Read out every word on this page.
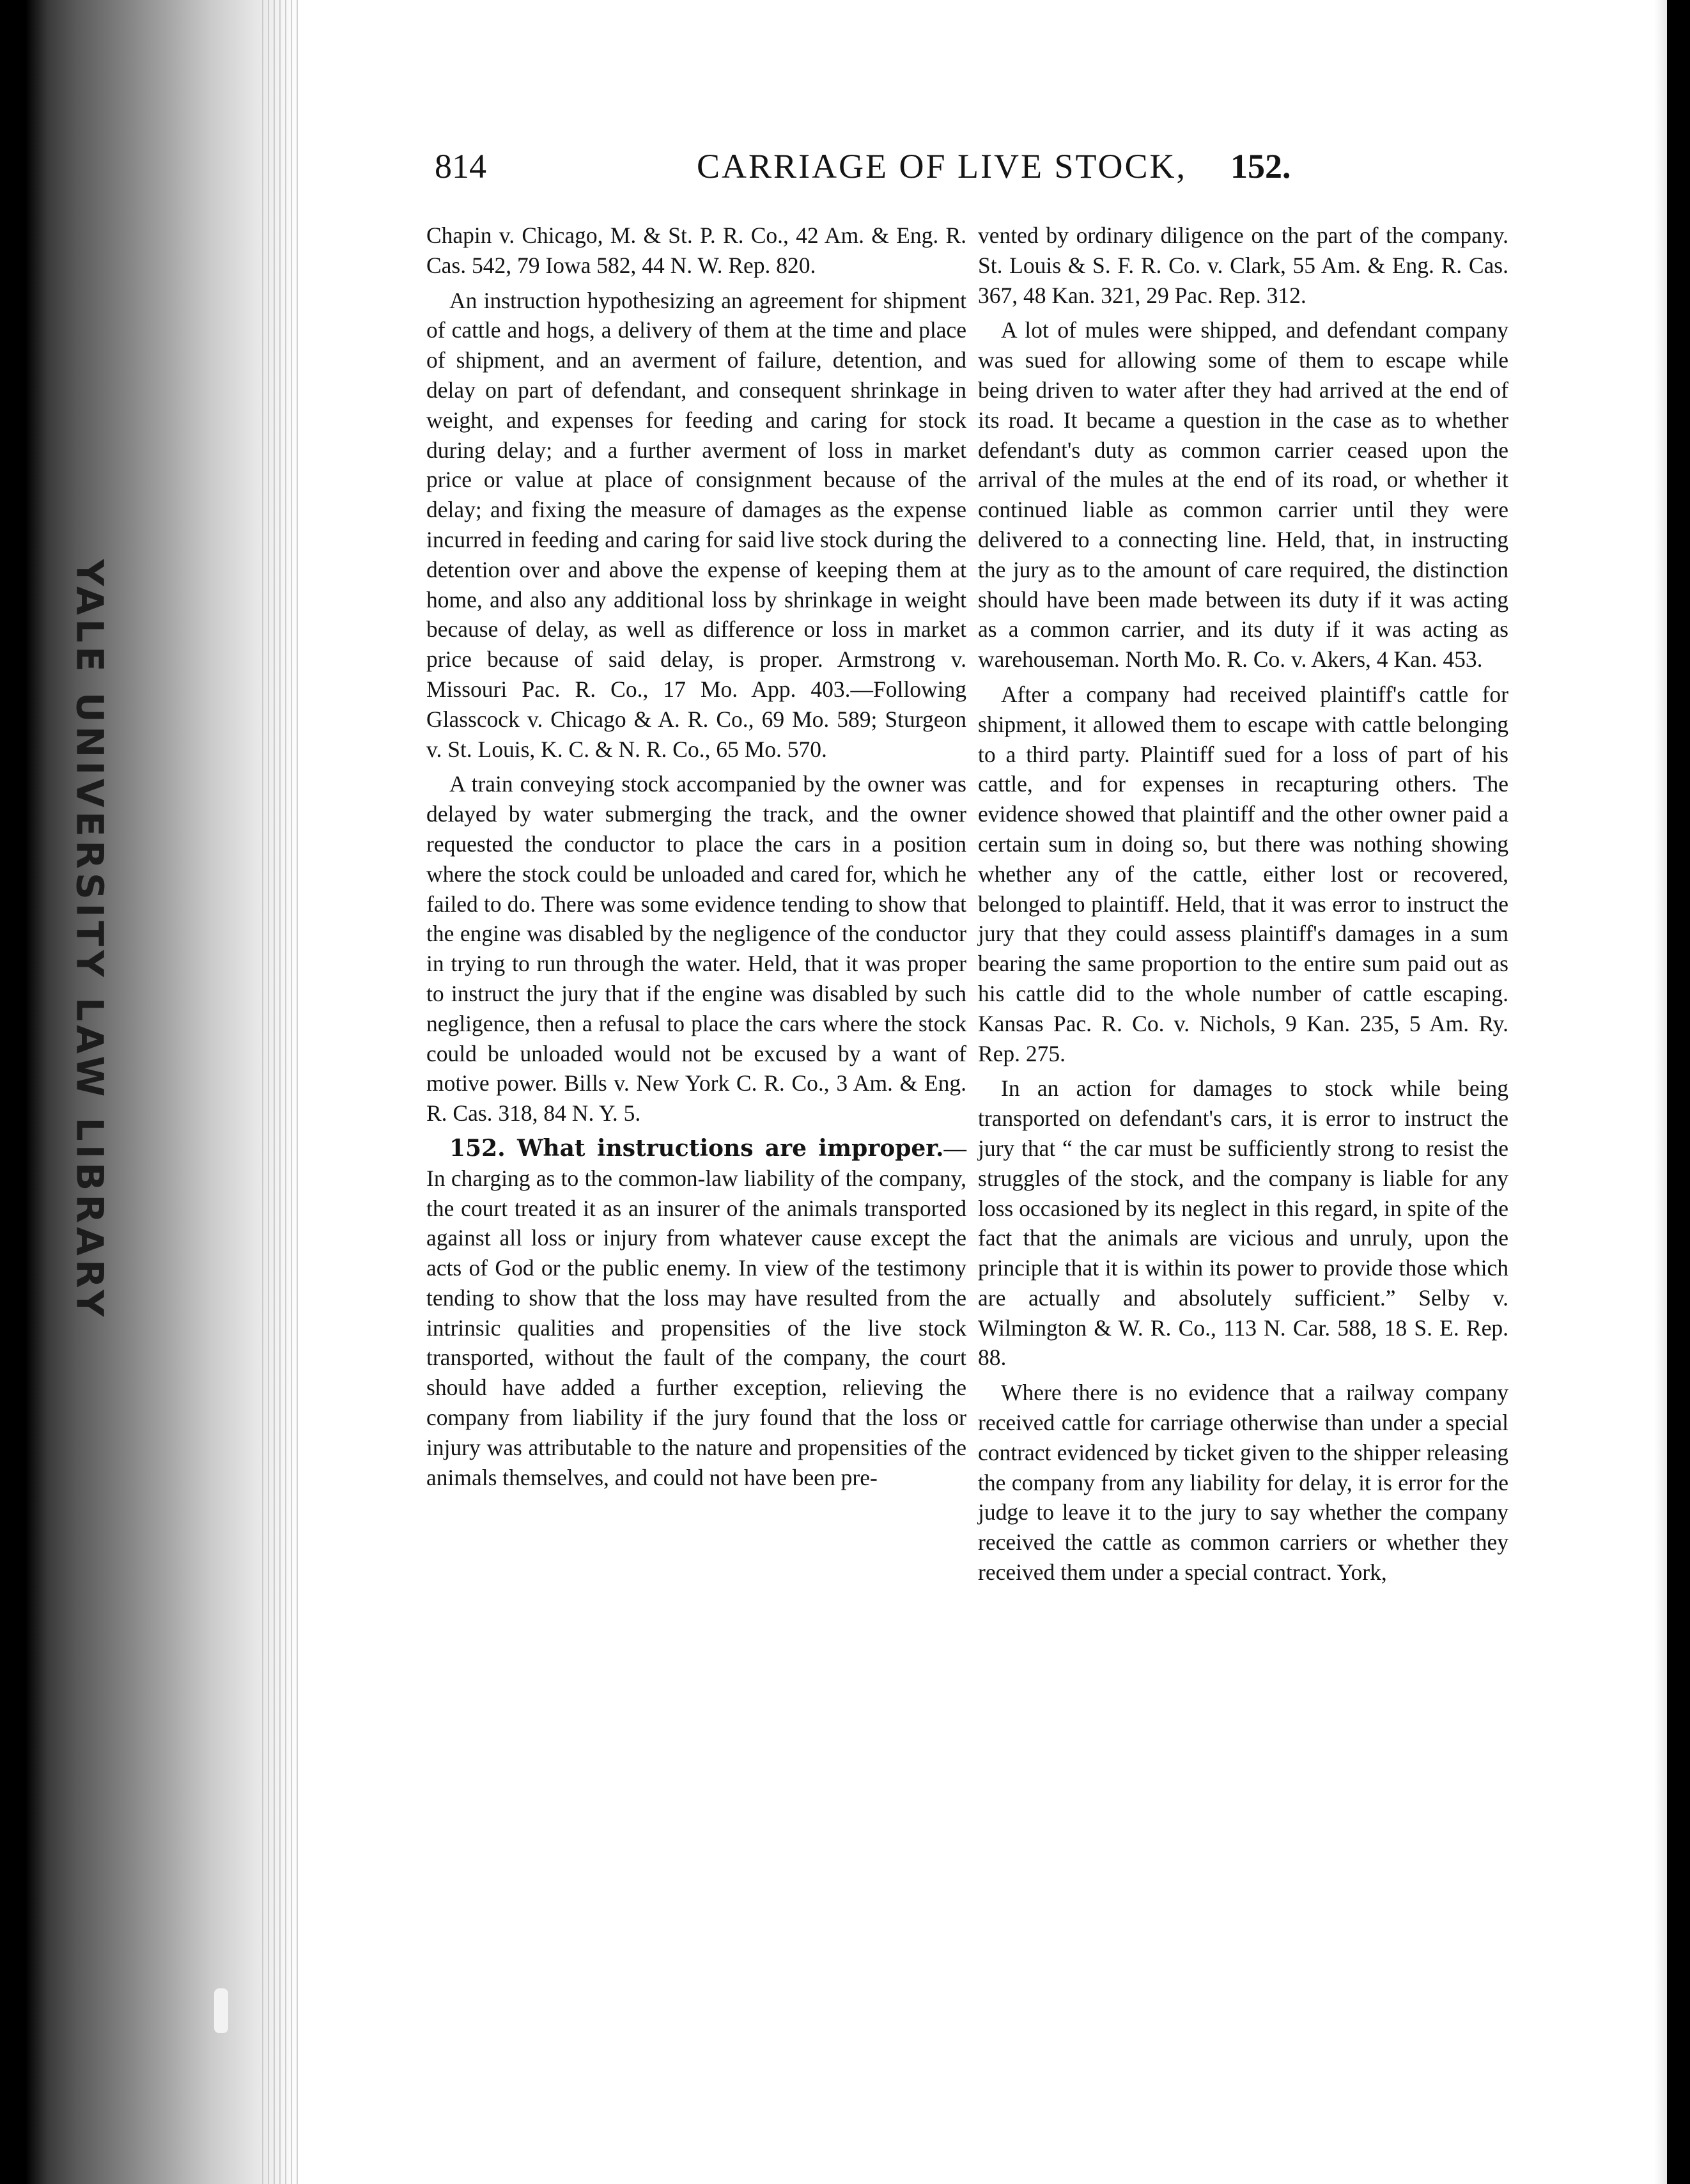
YALE UNIVERSITY LAW LIBRARY
814	CARRIAGE OF LIVE STOCK, 152.

Chapin v. Chicago, M. & St. P. R. Co., 42 Am. & Eng. R. Cas. 542, 79 Iowa 582, 44 N. W. Rep. 820.

An instruction hypothesizing an agreement for shipment of cattle and hogs, a delivery of them at the time and place of shipment, and an averment of failure, detention, and delay on part of defendant, and consequent shrinkage in weight, and expenses for feeding and caring for stock during delay; and a further averment of loss in market price or value at place of consignment because of the delay; and fixing the measure of damages as the expense incurred in feeding and caring for said live stock during the detention over and above the expense of keeping them at home, and also any additional loss by shrinkage in weight because of delay, as well as difference or loss in market price because of said delay, is proper. Armstrong v. Missouri Pac. R. Co., 17 Mo. App. 403.—Following Glasscock v. Chicago & A. R. Co., 69 Mo. 589; Sturgeon v. St. Louis, K. C. & N. R. Co., 65 Mo. 570.

A train conveying stock accompanied by the owner was delayed by water submerging the track, and the owner requested the conductor to place the cars in a position where the stock could be unloaded and cared for, which he failed to do. There was some evidence tending to show that the engine was disabled by the negligence of the conductor in trying to run through the water. Held, that it was proper to instruct the jury that if the engine was disabled by such negligence, then a refusal to place the cars where the stock could be unloaded would not be excused by a want of motive power. Bills v. New York C. R. Co., 3 Am. & Eng. R. Cas. 318, 84 N. Y. 5.

152. What instructions are improper.—In charging as to the common-law liability of the company, the court treated it as an insurer of the animals transported against all loss or injury from whatever cause except the acts of God or the public enemy. In view of the testimony tending to show that the loss may have resulted from the intrinsic qualities and propensities of the live stock transported, without the fault of the company, the court should have added a further exception, relieving the company from liability if the jury found that the loss or injury was attributable to the nature and propensities of the animals themselves, and could not have been pre-

vented by ordinary diligence on the part of the company. St. Louis & S. F. R. Co. v. Clark, 55 Am. & Eng. R. Cas. 367, 48 Kan. 321, 29 Pac. Rep. 312.

A lot of mules were shipped, and defendant company was sued for allowing some of them to escape while being driven to water after they had arrived at the end of its road. It became a question in the case as to whether defendant's duty as common carrier ceased upon the arrival of the mules at the end of its road, or whether it continued liable as common carrier until they were delivered to a connecting line. Held, that, in instructing the jury as to the amount of care required, the distinction should have been made between its duty if it was acting as a common carrier, and its duty if it was acting as warehouseman. North Mo. R. Co. v. Akers, 4 Kan. 453.

After a company had received plaintiff's cattle for shipment, it allowed them to escape with cattle belonging to a third party. Plaintiff sued for a loss of part of his cattle, and for expenses in recapturing others. The evidence showed that plaintiff and the other owner paid a certain sum in doing so, but there was nothing showing whether any of the cattle, either lost or recovered, belonged to plaintiff. Held, that it was error to instruct the jury that they could assess plaintiff's damages in a sum bearing the same proportion to the entire sum paid out as his cattle did to the whole number of cattle escaping. Kansas Pac. R. Co. v. Nichols, 9 Kan. 235, 5 Am. Ry. Rep. 275.

In an action for damages to stock while being transported on defendant's cars, it is error to instruct the jury that “ the car must be sufficiently strong to resist the struggles of the stock, and the company is liable for any loss occasioned by its neglect in this regard, in spite of the fact that the animals are vicious and unruly, upon the principle that it is within its power to provide those which are actually and absolutely sufficient.” Selby v. Wilmington & W. R. Co., 113 N. Car. 588, 18 S. E. Rep. 88.

Where there is no evidence that a railway company received cattle for carriage otherwise than under a special contract evidenced by ticket given to the shipper releasing the company from any liability for delay, it is error for the judge to leave it to the jury to say whether the company received the cattle as common carriers or whether they received them under a special contract. York,
